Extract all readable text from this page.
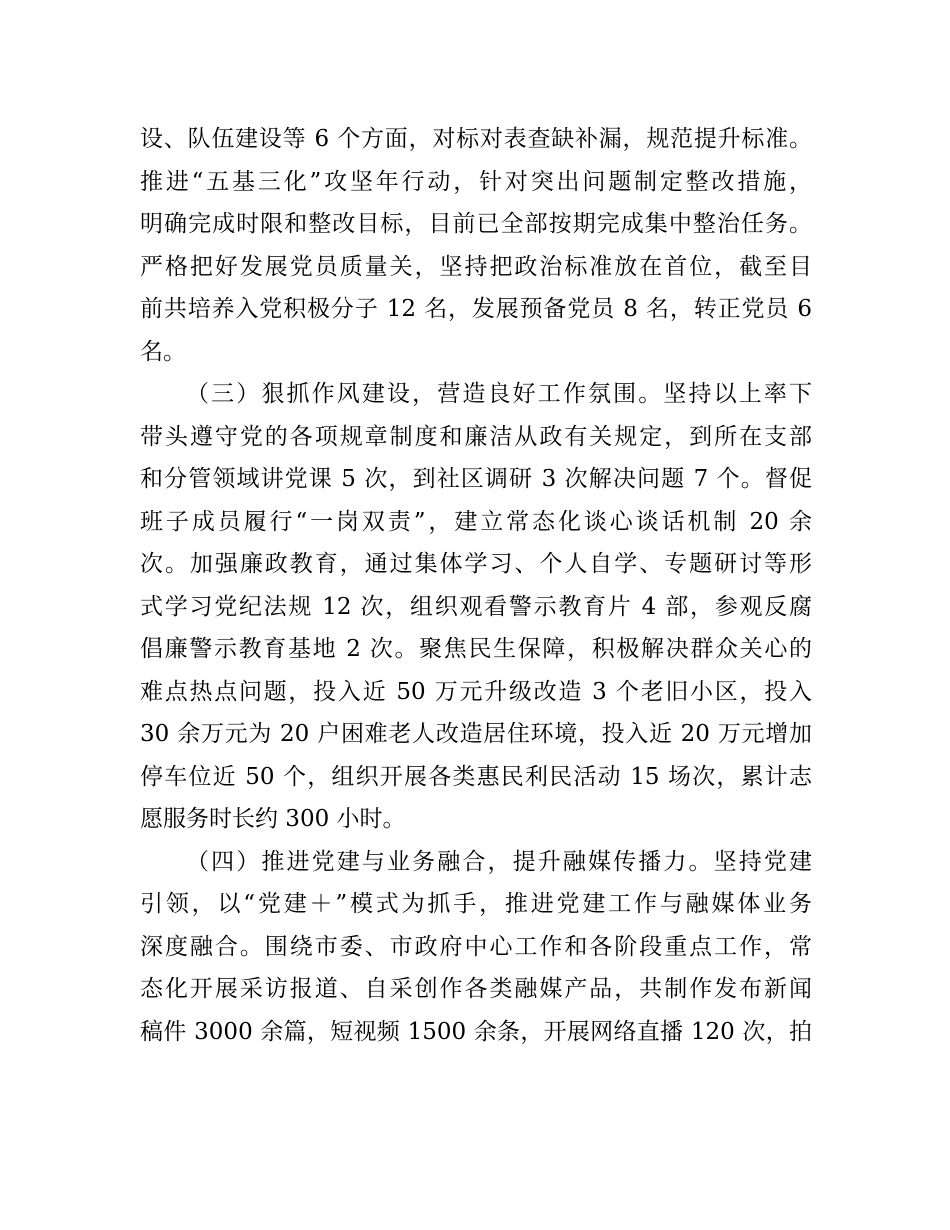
设、队伍建设等 6 个方面，对标对表查缺补漏，规范提升标准。
推进“五基三化”攻坚年行动，针对突出问题制定整改措施，
明确完成时限和整改目标，目前已全部按期完成集中整治任务。
严格把好发展党员质量关，坚持把政治标准放在首位，截至目
前共培养入党积极分子 12 名，发展预备党员 8 名，转正党员 6
名。
（三）狠抓作风建设，营造良好工作氛围。坚持以上率下
带头遵守党的各项规章制度和廉洁从政有关规定，到所在支部
和分管领域讲党课 5 次，到社区调研 3 次解决问题 7 个。督促
班子成员履行“一岗双责”，建立常态化谈心谈话机制 20 余
次。加强廉政教育，通过集体学习、个人自学、专题研讨等形
式学习党纪法规 12 次，组织观看警示教育片 4 部，参观反腐
倡廉警示教育基地 2 次。聚焦民生保障，积极解决群众关心的
难点热点问题，投入近 50 万元升级改造 3 个老旧小区，投入
30 余万元为 20 户困难老人改造居住环境，投入近 20 万元增加
停车位近 50 个，组织开展各类惠民利民活动 15 场次，累计志
愿服务时长约 300 小时。
（四）推进党建与业务融合，提升融媒传播力。坚持党建
引领，以“党建＋”模式为抓手，推进党建工作与融媒体业务
深度融合。围绕市委、市政府中心工作和各阶段重点工作，常
态化开展采访报道、自采创作各类融媒产品，共制作发布新闻
稿件 3000 余篇，短视频 1500 余条，开展网络直播 120 次，拍
